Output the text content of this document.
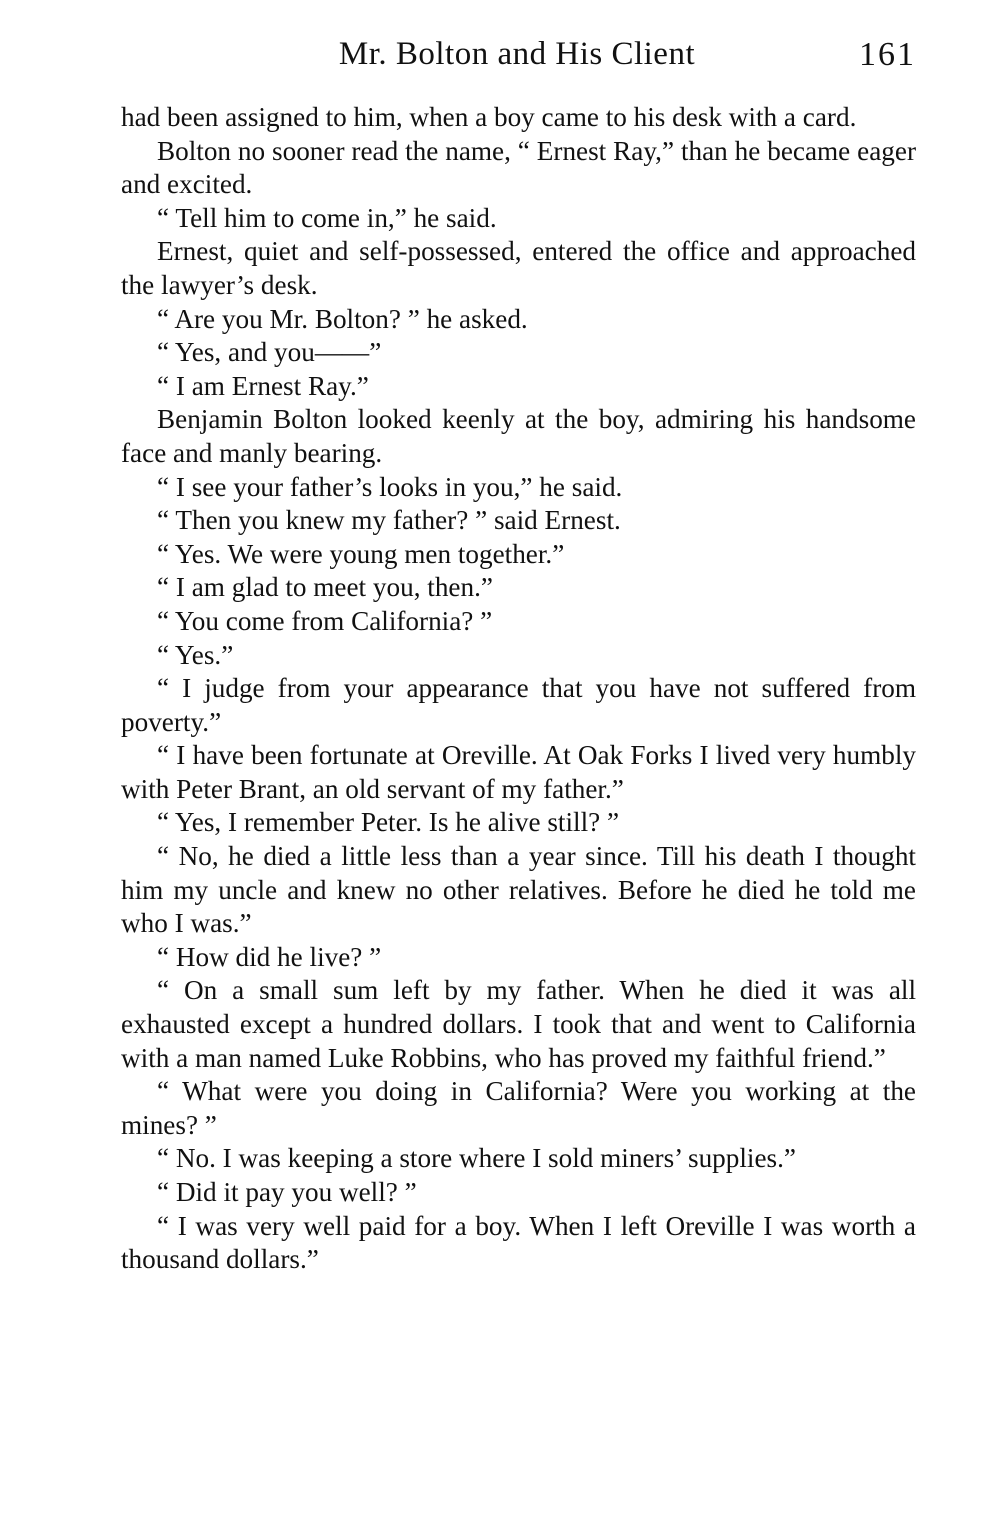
Mr. Bolton and His Client	161

had been assigned to him, when a boy came to his desk with a card.

Bolton no sooner read the name, “ Ernest Ray,” than he became eager and excited.

“ Tell him to come in,” he said.

Ernest, quiet and self-possessed, entered the office and approached the lawyer’s desk.

“ Are you Mr. Bolton? ” he asked.

“ Yes, and you——”

“ I am Ernest Ray.”

Benjamin Bolton looked keenly at the boy, admiring his handsome face and manly bearing.

“ I see your father’s looks in you,” he said.

“ Then you knew my father? ” said Ernest.

“ Yes. We were young men together.”

“ I am glad to meet you, then.”

“ You come from California? ”

“ Yes.”

“ I judge from your appearance that you have not suffered from poverty.”

“ I have been fortunate at Oreville. At Oak Forks I lived very humbly with Peter Brant, an old servant of my father.”

“ Yes, I remember Peter. Is he alive still? ”

“ No, he died a little less than a year since. Till his death I thought him my uncle and knew no other relatives. Before he died he told me who I was.”

“ How did he live? ”

“ On a small sum left by my father. When he died it was all exhausted except a hundred dollars. I took that and went to California with a man named Luke Robbins, who has proved my faithful friend.”

“ What were you doing in California? Were you working at the mines? ”

“ No. I was keeping a store where I sold miners’ supplies.”

“ Did it pay you well? ”

“ I was very well paid for a boy. When I left Oreville I was worth a thousand dollars.”
